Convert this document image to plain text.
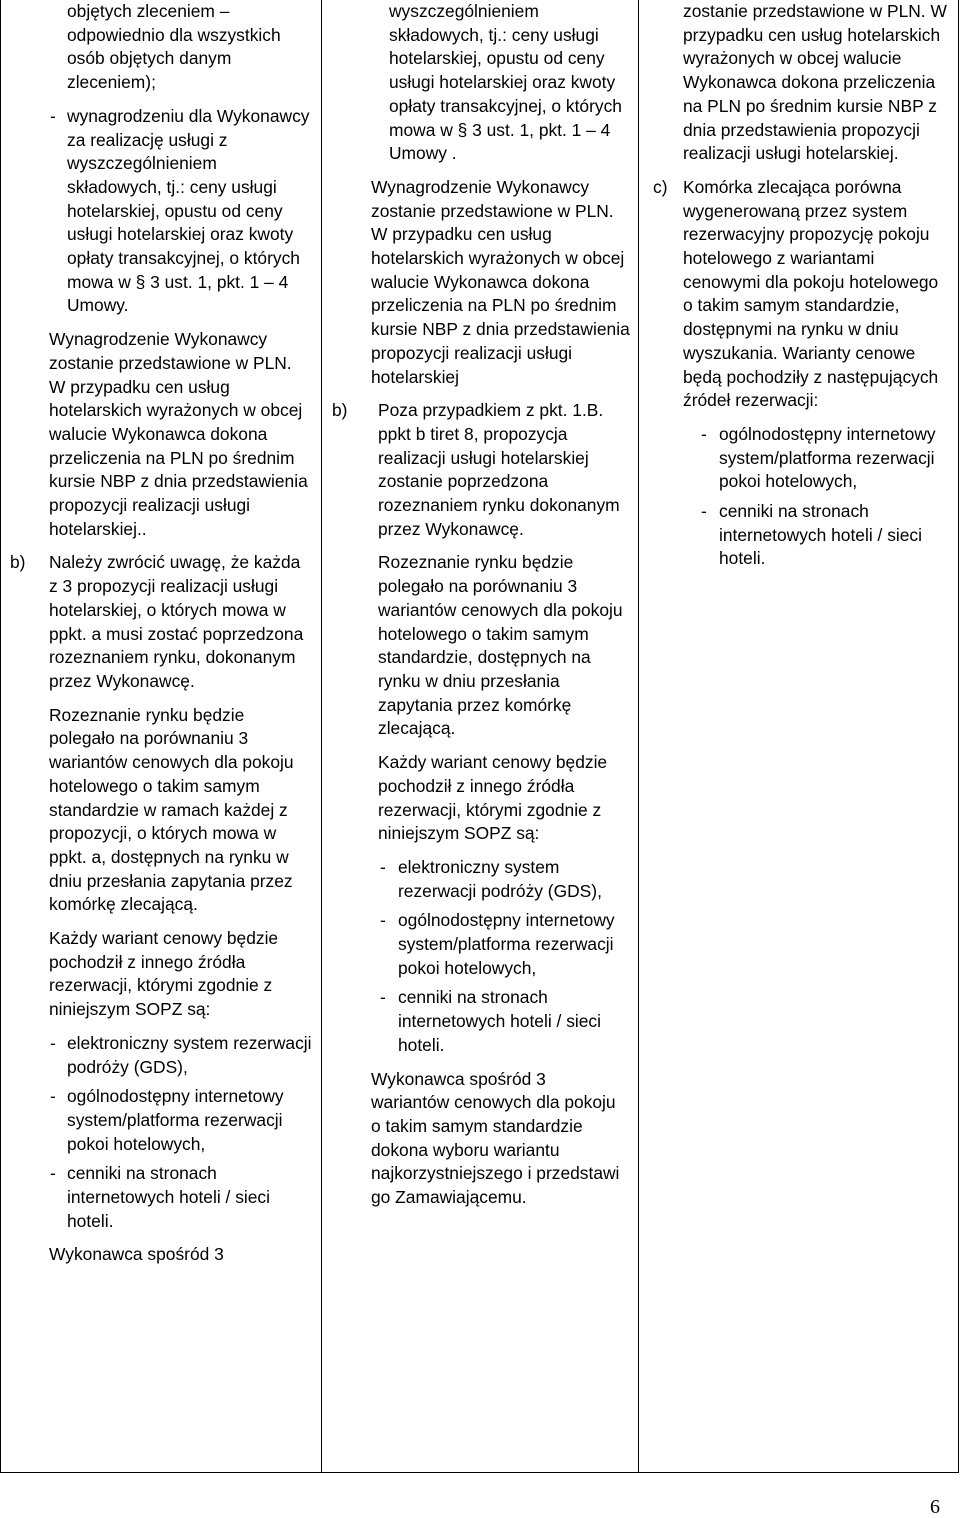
objętych zleceniem – odpowiednio dla wszystkich osób objętych danym zleceniem);

- wynagrodzeniu dla Wykonawcy za realizację usługi z wyszczególnieniem składowych, tj.: ceny usługi hotelarskiej, opustu od ceny usługi hotelarskiej oraz kwoty opłaty transakcyjnej, o których mowa w § 3 ust. 1, pkt. 1 – 4 Umowy.

Wynagrodzenie Wykonawcy zostanie przedstawione w PLN. W przypadku cen usług hotelarskich wyrażonych w obcej walucie Wykonawca dokona przeliczenia na PLN po średnim kursie NBP z dnia przedstawienia propozycji realizacji usługi hotelarskiej..

b) Należy zwrócić uwagę, że każda z 3 propozycji realizacji usługi hotelarskiej, o których mowa w ppkt. a musi zostać poprzedzona rozeznaniem rynku, dokonanym przez Wykonawcę.

Rozeznanie rynku będzie polegało na porównaniu 3 wariantów cenowych dla pokoju hotelowego o takim samym standardzie w ramach każdej z propozycji, o których mowa w ppkt. a, dostępnych na rynku w dniu przesłania zapytania przez komórkę zlecającą.

Każdy wariant cenowy będzie pochodził z innego źródła rezerwacji, którymi zgodnie z niniejszym SOPZ są:

- elektroniczny system rezerwacji podróży (GDS),

- ogólnodostępny internetowy system/platforma rezerwacji pokoi hotelowych,

- cenniki na stronach internetowych hoteli / sieci hoteli.

Wykonawca spośród 3

wyszczególnieniem składowych, tj.: ceny usługi hotelarskiej, opustu od ceny usługi hotelarskiej oraz kwoty opłaty transakcyjnej, o których mowa w § 3 ust. 1, pkt. 1 – 4 Umowy .

Wynagrodzenie Wykonawcy zostanie przedstawione w PLN. W przypadku cen usług hotelarskich wyrażonych w obcej walucie Wykonawca dokona przeliczenia na PLN po średnim kursie NBP z dnia przedstawienia propozycji realizacji usługi hotelarskiej

b) Poza przypadkiem z pkt. 1.B. ppkt b tiret 8, propozycja realizacji usługi hotelarskiej zostanie poprzedzona rozeznaniem rynku dokonanym przez Wykonawcę.

Rozeznanie rynku będzie polegało na porównaniu 3 wariantów cenowych dla pokoju hotelowego o takim samym standardzie, dostępnych na rynku w dniu przesłania zapytania przez komórkę zlecającą.

Każdy wariant cenowy będzie pochodził z innego źródła rezerwacji, którymi zgodnie z niniejszym SOPZ są:

- elektroniczny system rezerwacji podróży (GDS),

- ogólnodostępny internetowy system/platforma rezerwacji pokoi hotelowych,

- cenniki na stronach internetowych hoteli / sieci hoteli.

Wykonawca spośród 3 wariantów cenowych dla pokoju o takim samym standardzie dokona wyboru wariantu najkorzystniejszego i przedstawi go Zamawiającemu.

zostanie przedstawione w PLN. W przypadku cen usług hotelarskich wyrażonych w obcej walucie Wykonawca dokona przeliczenia na PLN po średnim kursie NBP z dnia przedstawienia propozycji realizacji usługi hotelarskiej.

c) Komórka zlecająca porówna wygenerowaną przez system rezerwacyjny propozycję pokoju hotelowego z wariantami cenowymi dla pokoju hotelowego o takim samym standardzie, dostępnymi na rynku w dniu wyszukania. Warianty cenowe będą pochodziły z następujących źródeł rezerwacji:

- ogólnodostępny internetowy system/platforma rezerwacji pokoi hotelowych,

- cenniki na stronach internetowych hoteli / sieci hoteli.

6
